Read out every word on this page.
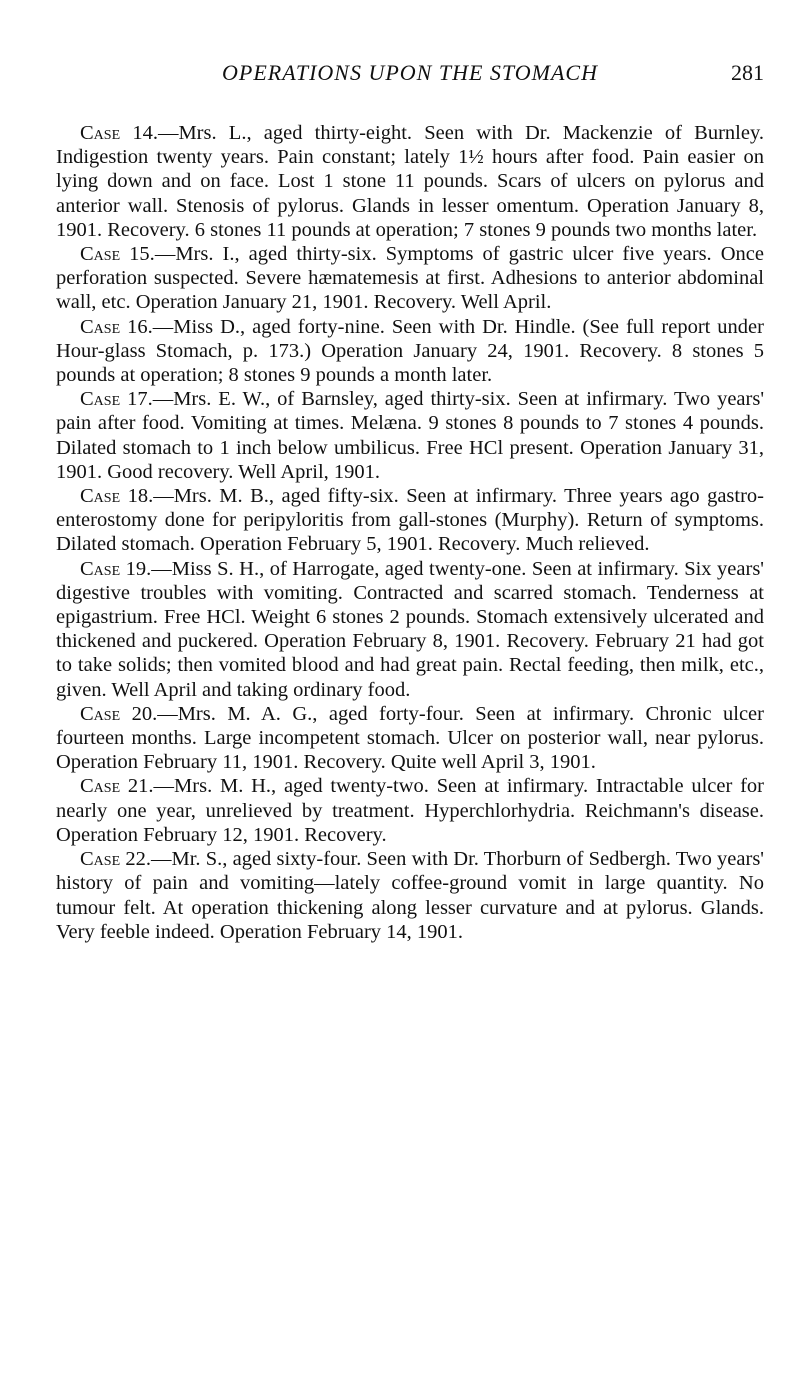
OPERATIONS UPON THE STOMACH	281

Case 14.—Mrs. L., aged thirty-eight. Seen with Dr. Mackenzie of Burnley. Indigestion twenty years. Pain constant; lately 1½ hours after food. Pain easier on lying down and on face. Lost 1 stone 11 pounds. Scars of ulcers on pylorus and anterior wall. Stenosis of pylorus. Glands in lesser omentum. Operation January 8, 1901. Recovery. 6 stones 11 pounds at operation; 7 stones 9 pounds two months later.

Case 15.—Mrs. I., aged thirty-six. Symptoms of gastric ulcer five years. Once perforation suspected. Severe hæmatemesis at first. Adhesions to anterior abdominal wall, etc. Operation January 21, 1901. Recovery. Well April.

Case 16.—Miss D., aged forty-nine. Seen with Dr. Hindle. (See full report under Hour-glass Stomach, p. 173.) Operation January 24, 1901. Recovery. 8 stones 5 pounds at operation; 8 stones 9 pounds a month later.

Case 17.—Mrs. E. W., of Barnsley, aged thirty-six. Seen at infirmary. Two years' pain after food. Vomiting at times. Melæna. 9 stones 8 pounds to 7 stones 4 pounds. Dilated stomach to 1 inch below umbilicus. Free HCl present. Operation January 31, 1901. Good recovery. Well April, 1901.

Case 18.—Mrs. M. B., aged fifty-six. Seen at infirmary. Three years ago gastro-enterostomy done for peripyloritis from gall-stones (Murphy). Return of symptoms. Dilated stomach. Operation February 5, 1901. Recovery. Much relieved.

Case 19.—Miss S. H., of Harrogate, aged twenty-one. Seen at infirmary. Six years' digestive troubles with vomiting. Contracted and scarred stomach. Tenderness at epigastrium. Free HCl. Weight 6 stones 2 pounds. Stomach extensively ulcerated and thickened and puckered. Operation February 8, 1901. Recovery. February 21 had got to take solids; then vomited blood and had great pain. Rectal feeding, then milk, etc., given. Well April and taking ordinary food.

Case 20.—Mrs. M. A. G., aged forty-four. Seen at infirmary. Chronic ulcer fourteen months. Large incompetent stomach. Ulcer on posterior wall, near pylorus. Operation February 11, 1901. Recovery. Quite well April 3, 1901.

Case 21.—Mrs. M. H., aged twenty-two. Seen at infirmary. Intractable ulcer for nearly one year, unrelieved by treatment. Hyperchlorhydria. Reichmann's disease. Operation February 12, 1901. Recovery.

Case 22.—Mr. S., aged sixty-four. Seen with Dr. Thorburn of Sedbergh. Two years' history of pain and vomiting—lately coffee-ground vomit in large quantity. No tumour felt. At operation thickening along lesser curvature and at pylorus. Glands. Very feeble indeed. Operation February 14, 1901.
